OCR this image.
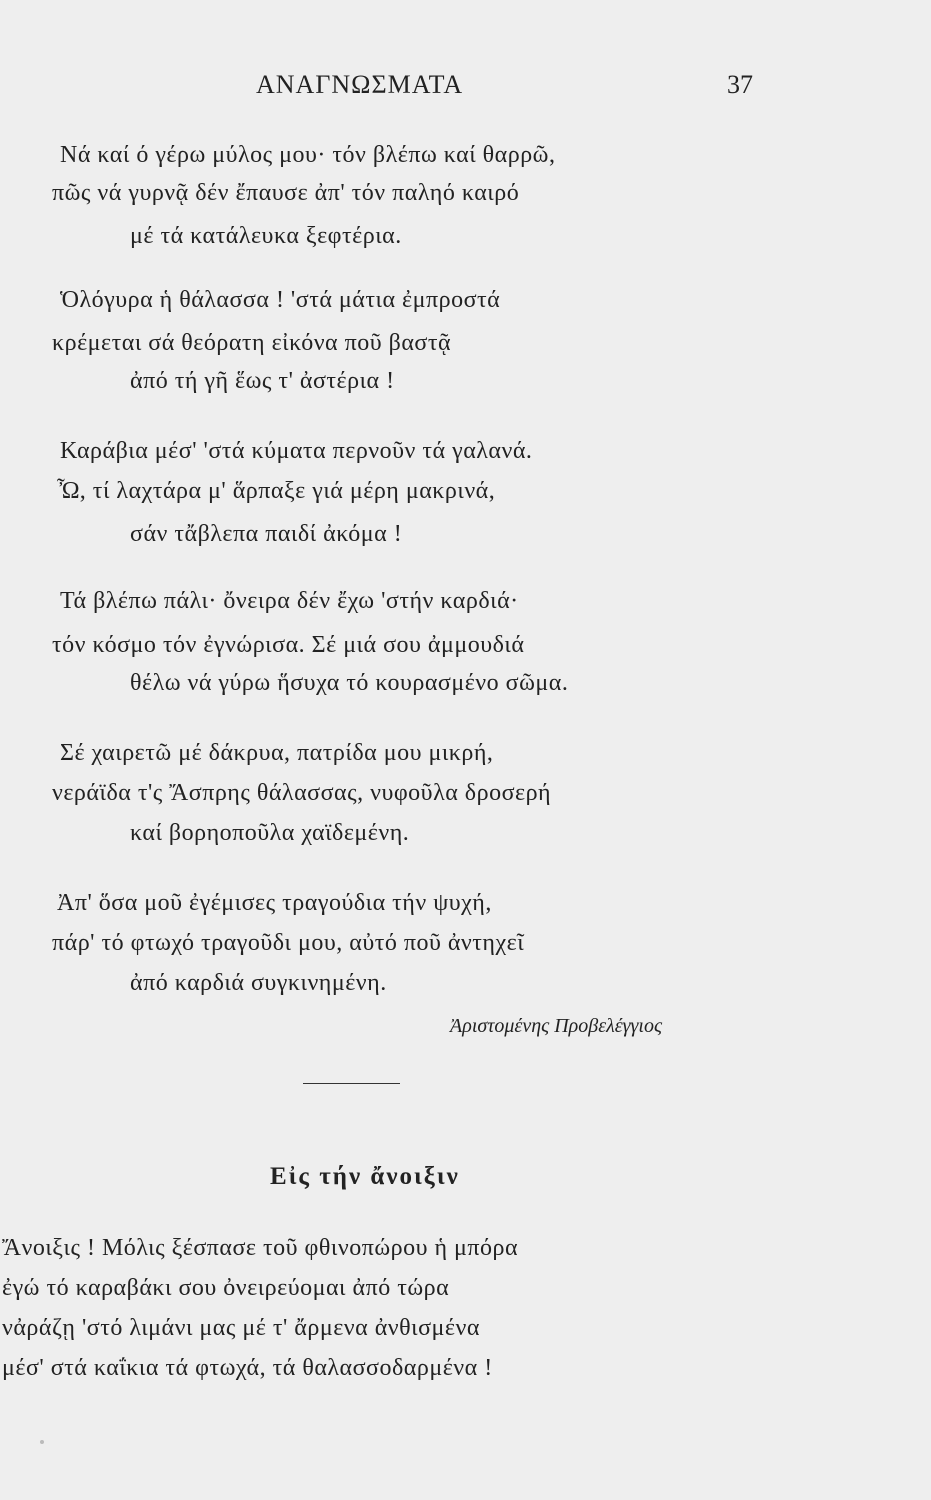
ΑΝΑΓΝΩΣΜΑΤΑ	37
Νά καί ό γέρω μύλος μου· τόν βλέπω καί θαρρῶ,
πῶς νά γυρνᾷ δέν ἔπαυσε ἀπ' τόν παληό καιρό
μέ τά κατάλευκα ξεφτέρια.
Ὁλόγυρα ἡ θάλασσα ! 'στά μάτια ἐμπροστά
κρέμεται σά θεόρατη εἰκόνα ποῦ βαστᾷ
ἀπό τή γῆ ἕως τ' ἀστέρια !
Καράβια μέσ' 'στά κύματα περνοῦν τά γαλανά.
Ὦ, τί λαχτάρα μ' ἅρπαξε γιά μέρη μακρινά,
σάν τἄβλεπα παιδί ἀκόμα !
Τά βλέπω πάλι· ὄνειρα δέν ἔχω 'στήν καρδιά·
τόν κόσμο τόν ἐγνώρισα. Σέ μιά σου ἀμμουδιά
θέλω νά γύρω ἥσυχα τό κουρασμένο σῶμα.
Σέ χαιρετῶ μέ δάκρυα, πατρίδα μου μικρή,
νεράϊδα τ'ς Ἄσπρης θάλασσας, νυφοῦλα δροσερή
καί βορηοποῦλα χαϊδεμένη.
Ἀπ' ὅσα μοῦ ἐγέμισες τραγούδια τήν ψυχή,
πάρ' τό φτωχό τραγοῦδι μου, αὐτό ποῦ ἀντηχεῖ
ἀπό καρδιά συγκινημένη.
Ἀριστομένης Προβελέγγιος
Εἰς τήν ἄνοιξιν
Ἄνοιξις ! Μόλις ξέσπασε τοῦ φθινοπώρου ἡ μπόρα
ἐγώ τό καραβάκι σου ὀνειρεύομαι ἀπό τώρα
νἀράζῃ 'στό λιμάνι μας μέ τ' ἄρμενα ἀνθισμένα
μέσ' στά καΐκια τά φτωχά, τά θαλασσοδαρμένα !
